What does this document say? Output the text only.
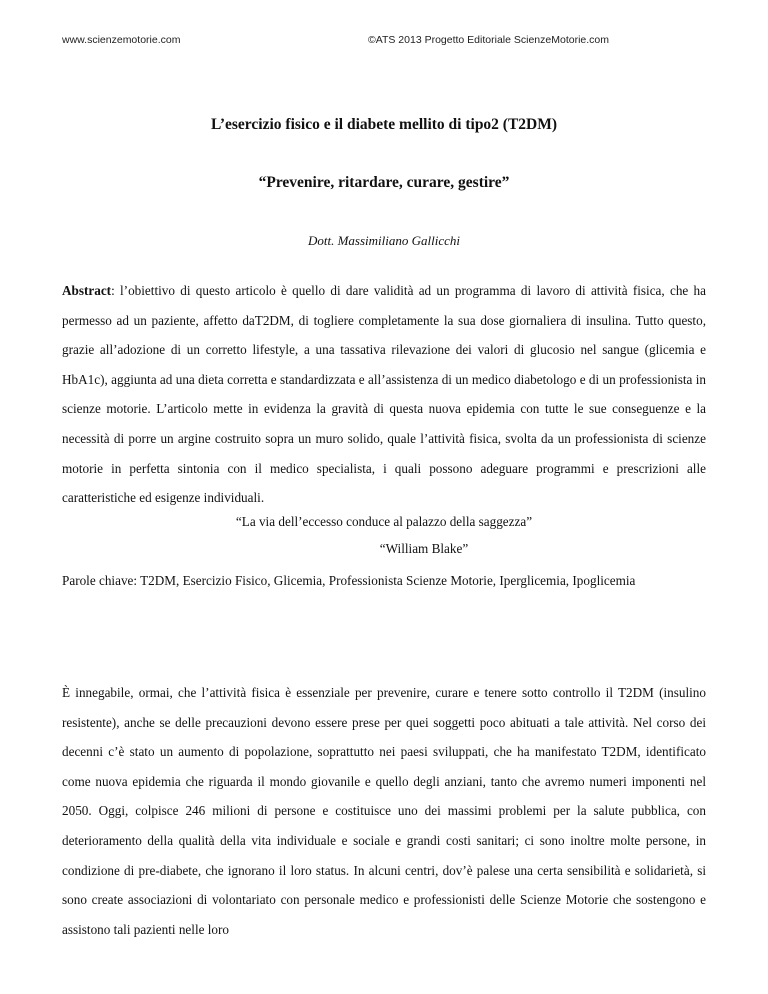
www.scienzemotorie.com	©ATS 2013 Progetto Editoriale ScienzeMotorie.com
L’esercizio fisico e il diabete mellito di tipo2 (T2DM)
“Prevenire, ritardare, curare, gestire”
Dott. Massimiliano Gallicchi

Abstract: l’obiettivo di questo articolo è quello di dare validità ad un programma di lavoro di attività fisica, che ha permesso ad un paziente, affetto daT2DM, di togliere completamente la sua dose giornaliera di insulina. Tutto questo, grazie all’adozione di un corretto lifestyle, a una tassativa rilevazione dei valori di glucosio nel sangue (glicemia e HbA1c), aggiunta ad una dieta corretta e standardizzata e all’assistenza di un medico diabetologo e di un professionista in scienze motorie. L’articolo mette in evidenza la gravità di questa nuova epidemia con tutte le sue conseguenze e la necessità di porre un argine costruito sopra un muro solido, quale l’attività fisica, svolta da un professionista di scienze motorie in perfetta sintonia con il medico specialista, i quali possono adeguare programmi e prescrizioni alle caratteristiche ed esigenze individuali.

“La via dell’eccesso conduce al palazzo della saggezza”
“William Blake”

Parole chiave: T2DM, Esercizio Fisico, Glicemia, Professionista Scienze Motorie, Iperglicemia, Ipoglicemia

È innegabile, ormai, che l’attività fisica è essenziale per prevenire, curare e tenere sotto controllo il T2DM (insulino resistente), anche se delle precauzioni devono essere prese per quei soggetti poco abituati a tale attività. Nel corso dei decenni c’è stato un aumento di popolazione, soprattutto nei paesi sviluppati, che ha manifestato T2DM, identificato come nuova epidemia che riguarda il mondo giovanile e quello degli anziani, tanto che avremo numeri imponenti nel 2050. Oggi, colpisce 246 milioni di persone e costituisce uno dei massimi problemi per la salute pubblica, con deterioramento della qualità della vita individuale e sociale e grandi costi sanitari; ci sono inoltre molte persone, in condizione di pre-diabete, che ignorano il loro status. In alcuni centri, dov’è palese una certa sensibilità e solidarietà, si sono create associazioni di volontariato con personale medico e professionisti delle Scienze Motorie che sostengono e assistono tali pazienti nelle loro
